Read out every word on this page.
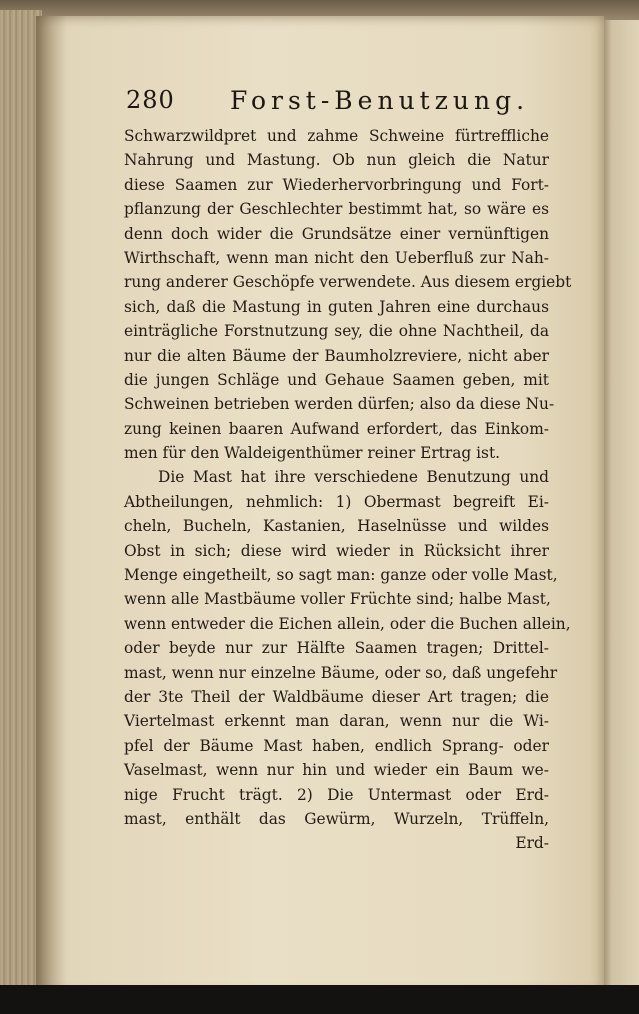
280 Forst-Benutzung.
Schwarzwildpret und zahme Schweine fürtreffliche
Nahrung und Mastung. Ob nun gleich die Natur
diese Saamen zur Wiederhervorbringung und Fort-
pflanzung der Geschlechter bestimmt hat, so wäre es
denn doch wider die Grundsätze einer vernünftigen
Wirthschaft, wenn man nicht den Ueberfluß zur Nah-
rung anderer Geschöpfe verwendete. Aus diesem ergiebt
sich, daß die Mastung in guten Jahren eine durchaus
einträgliche Forstnutzung sey, die ohne Nachtheil, da
nur die alten Bäume der Baumholzreviere, nicht aber
die jungen Schläge und Gehaue Saamen geben, mit
Schweinen betrieben werden dürfen; also da diese Nu-
zung keinen baaren Aufwand erfordert, das Einkom-
men für den Waldeigenthümer reiner Ertrag ist.
Die Mast hat ihre verschiedene Benutzung und
Abtheilungen, nehmlich: 1) Obermast begreift Ei-
cheln, Bucheln, Kastanien, Haselnüsse und wildes
Obst in sich; diese wird wieder in Rücksicht ihrer
Menge eingetheilt, so sagt man: ganze oder volle Mast,
wenn alle Mastbäume voller Früchte sind; halbe Mast,
wenn entweder die Eichen allein, oder die Buchen allein,
oder beyde nur zur Hälfte Saamen tragen; Drittel-
mast, wenn nur einzelne Bäume, oder so, daß ungefehr
der 3te Theil der Waldbäume dieser Art tragen; die
Viertelmast erkennt man daran, wenn nur die Wi-
pfel der Bäume Mast haben, endlich Sprang- oder
Vaselmast, wenn nur hin und wieder ein Baum we-
nige Frucht trägt. 2) Die Untermast oder Erd-
mast, enthält das Gewürm, Wurzeln, Trüffeln,
Erd-
